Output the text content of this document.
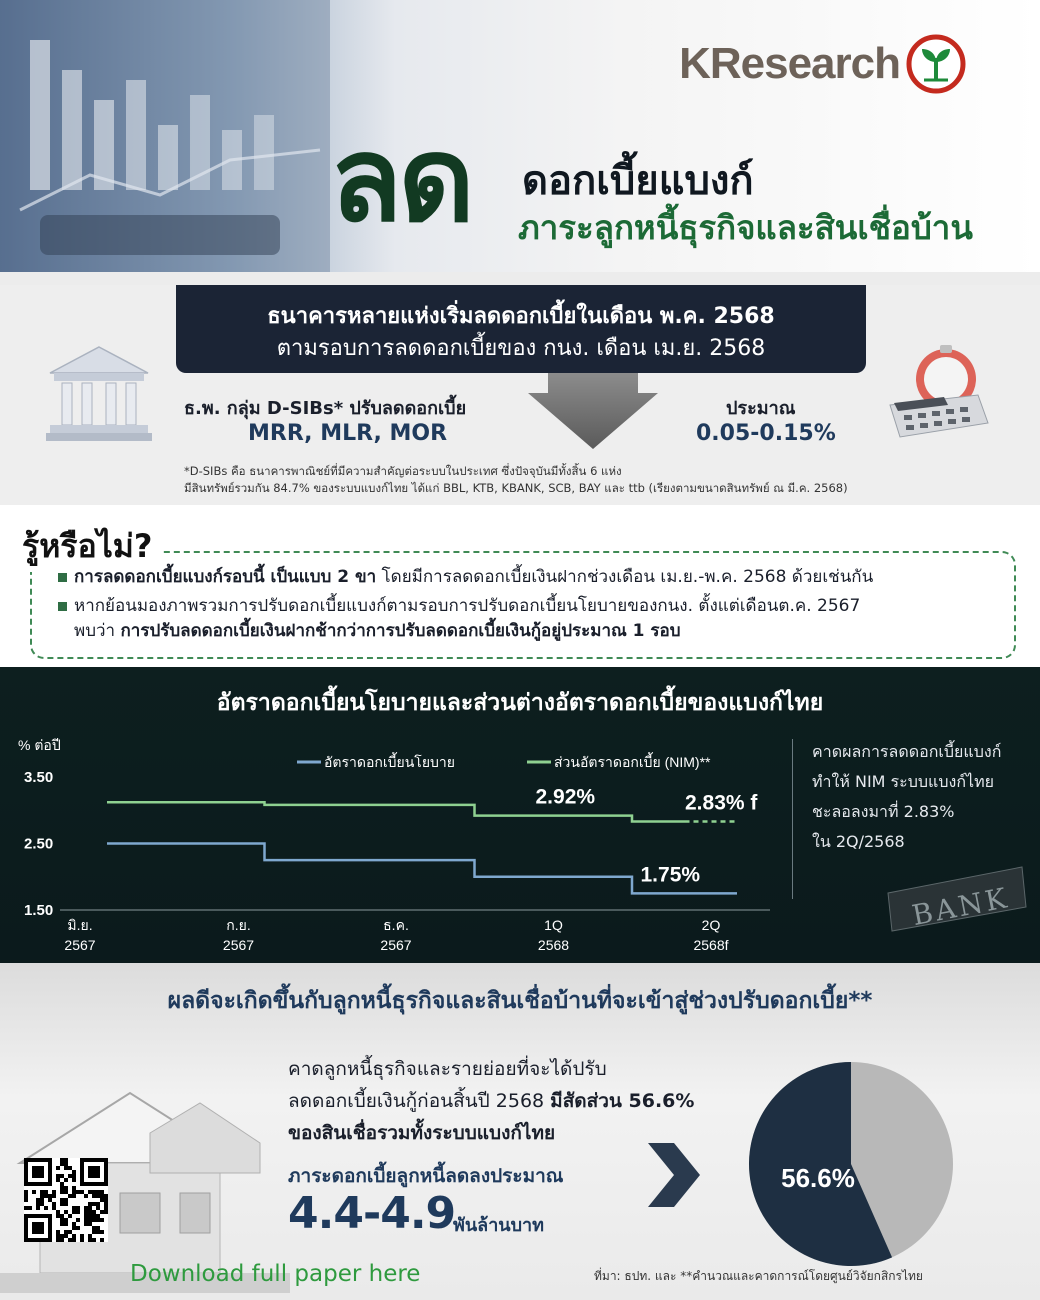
KResearch
ลด ดอกเบี้ยแบงก์
ภาระลูกหนี้ธุรกิจและสินเชื่อบ้าน
ธนาคารหลายแห่งเริ่มลดดอกเบี้ยในเดือน พ.ค. 2568
ตามรอบการลดดอกเบี้ยของ กนง. เดือน เม.ย. 2568
ธ.พ. กลุ่ม D-SIBs* ปรับลดดอกเบี้ย
MRR, MLR, MOR
ประมาณ
0.05-0.15%
*D-SIBs คือ ธนาคารพาณิชย์ที่มีความสำคัญต่อระบบในประเทศ ซึ่งปัจจุบันมีทั้งสิ้น 6 แห่ง
มีสินทรัพย์รวมกัน 84.7% ของระบบแบงก์ไทย ได้แก่ BBL, KTB, KBANK, SCB, BAY และ ttb (เรียงตามขนาดสินทรัพย์ ณ มี.ค. 2568)
รู้หรือไม่?
การลดดอกเบี้ยแบงก์รอบนี้ เป็นแบบ 2 ขา โดยมีการลดดอกเบี้ยเงินฝากช่วงเดือน เม.ย.-พ.ค. 2568 ด้วยเช่นกัน
หากย้อนมองภาพรวมการปรับดอกเบี้ยแบงก์ตามรอบการปรับดอกเบี้ยนโยบายของกนง. ตั้งแต่เดือนต.ค. 2567
พบว่า การปรับลดดอกเบี้ยเงินฝากช้ากว่าการปรับลดดอกเบี้ยเงินกู้อยู่ประมาณ 1 รอบ
อัตราดอกเบี้ยนโยบายและส่วนต่างอัตราดอกเบี้ยของแบงก์ไทย
% ต่อปี
3.50
2.50
1.50
มิ.ย.
2567
ก.ย.
2567
ธ.ค.
2567
1Q
2568
2Q
2568f
อัตราดอกเบี้ยนโยบาย	ส่วนอัตราดอกเบี้ย (NIM)**
1.75%
2.83% f
2.92%
คาดผลการลดดอกเบี้ยแบงก์
ทำให้ NIM ระบบแบงก์ไทย
ชะลอลงมาที่ 2.83%
ใน 2Q/2568
BANK
ผลดีจะเกิดขึ้นกับลูกหนี้ธุรกิจและสินเชื่อบ้านที่จะเข้าสู่ช่วงปรับดอกเบี้ย**
Download full paper here
คาดลูกหนี้ธุรกิจและรายย่อยที่จะได้ปรับ
ลดดอกเบี้ยเงินกู้ก่อนสิ้นปี 2568 มีสัดส่วน 56.6%
ของสินเชื่อรวมทั้งระบบแบงก์ไทย
ภาระดอกเบี้ยลูกหนี้ลดลงประมาณ
4.4-4.9
พันล้านบาท
56.6%
ที่มา: ธปท. และ **คำนวณและคาดการณ์โดยศูนย์วิจัยกสิกรไทย
